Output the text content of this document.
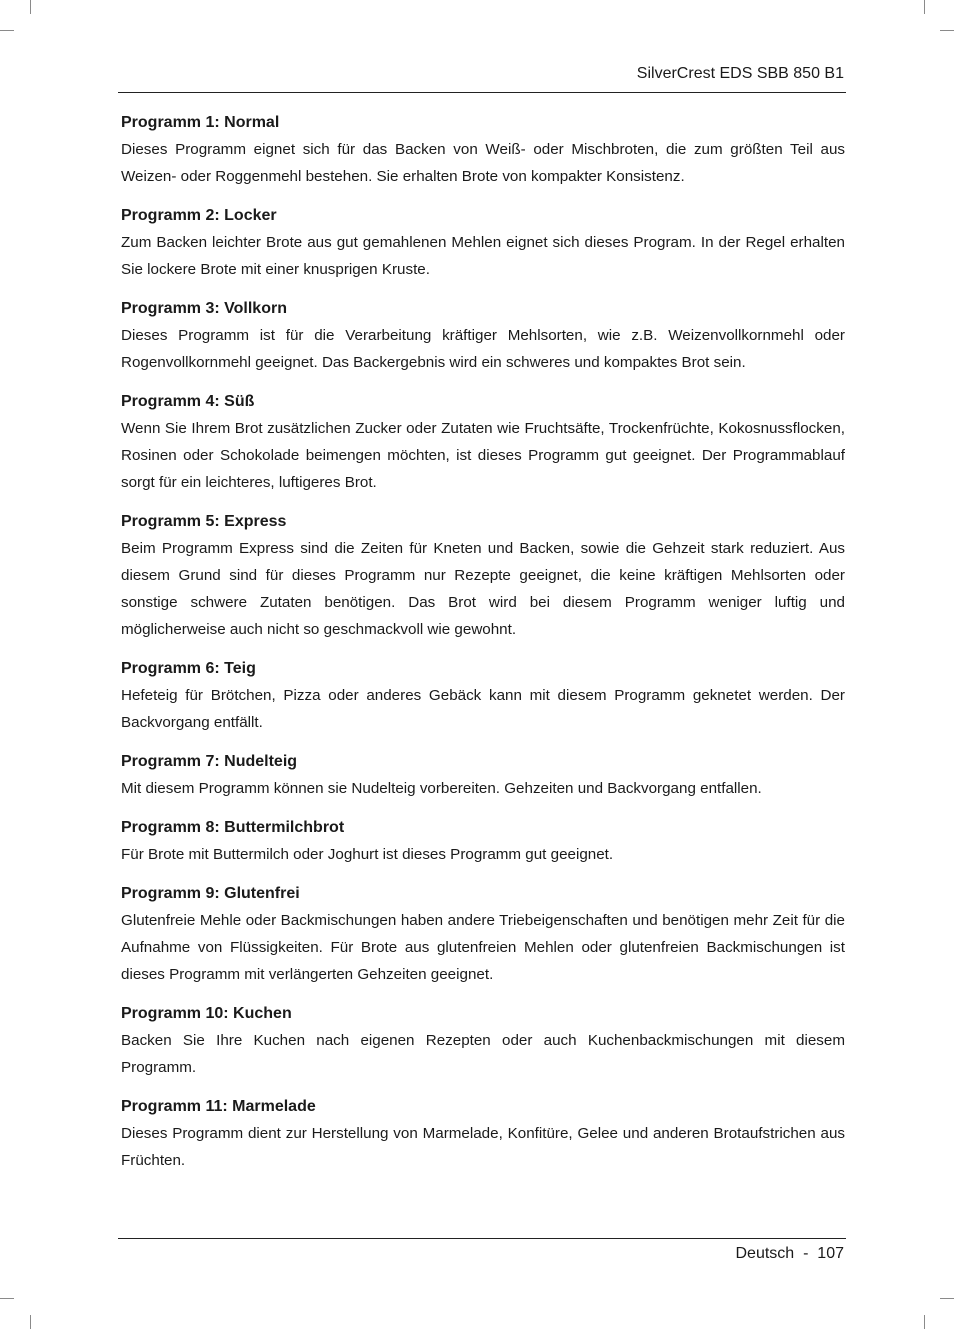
SilverCrest EDS SBB 850 B1

Programm 1: Normal

Dieses Programm eignet sich für das Backen von Weiß- oder Mischbroten, die zum größten Teil aus Weizen- oder Roggenmehl bestehen. Sie erhalten Brote von kompakter Konsistenz.

Programm 2: Locker

Zum Backen leichter Brote aus gut gemahlenen Mehlen eignet sich dieses Program. In der Regel erhalten Sie lockere Brote mit einer knusprigen Kruste.

Programm 3: Vollkorn

Dieses Programm ist für die Verarbeitung kräftiger Mehlsorten, wie z.B. Weizenvollkornmehl oder Rogenvollkornmehl geeignet. Das Backergebnis wird ein schweres und kompaktes Brot sein.

Programm 4: Süß

Wenn Sie Ihrem Brot zusätzlichen Zucker oder Zutaten wie Fruchtsäfte, Trockenfrüchte, Kokosnussflocken, Rosinen oder Schokolade beimengen möchten, ist dieses Programm gut geeignet. Der Programmablauf sorgt für ein leichteres, luftigeres Brot.

Programm 5: Express

Beim Programm Express sind die Zeiten für Kneten und Backen, sowie die Gehzeit stark reduziert. Aus diesem Grund sind für dieses Programm nur Rezepte geeignet, die keine kräftigen Mehlsorten oder sonstige schwere Zutaten benötigen. Das Brot wird bei diesem Programm weniger luftig und möglicherweise auch nicht so geschmackvoll wie gewohnt.

Programm 6: Teig

Hefeteig für Brötchen, Pizza oder anderes Gebäck kann mit diesem Programm geknetet werden. Der Backvorgang entfällt.

Programm 7: Nudelteig

Mit diesem Programm können sie Nudelteig vorbereiten. Gehzeiten und Backvorgang entfallen.

Programm 8: Buttermilchbrot

Für Brote mit Buttermilch oder Joghurt ist dieses Programm gut geeignet.

Programm 9: Glutenfrei

Glutenfreie Mehle oder Backmischungen haben andere Triebeigenschaften und benötigen mehr Zeit für die Aufnahme von Flüssigkeiten. Für Brote aus glutenfreien Mehlen oder glutenfreien Backmischungen ist dieses Programm mit verlängerten Gehzeiten geeignet.

Programm 10: Kuchen

Backen Sie Ihre Kuchen nach eigenen Rezepten oder auch Kuchenbackmischungen mit diesem Programm.

Programm 11: Marmelade

Dieses Programm dient zur Herstellung von Marmelade, Konfitüre, Gelee und anderen Brotaufstrichen aus Früchten.

Deutsch  -  107
